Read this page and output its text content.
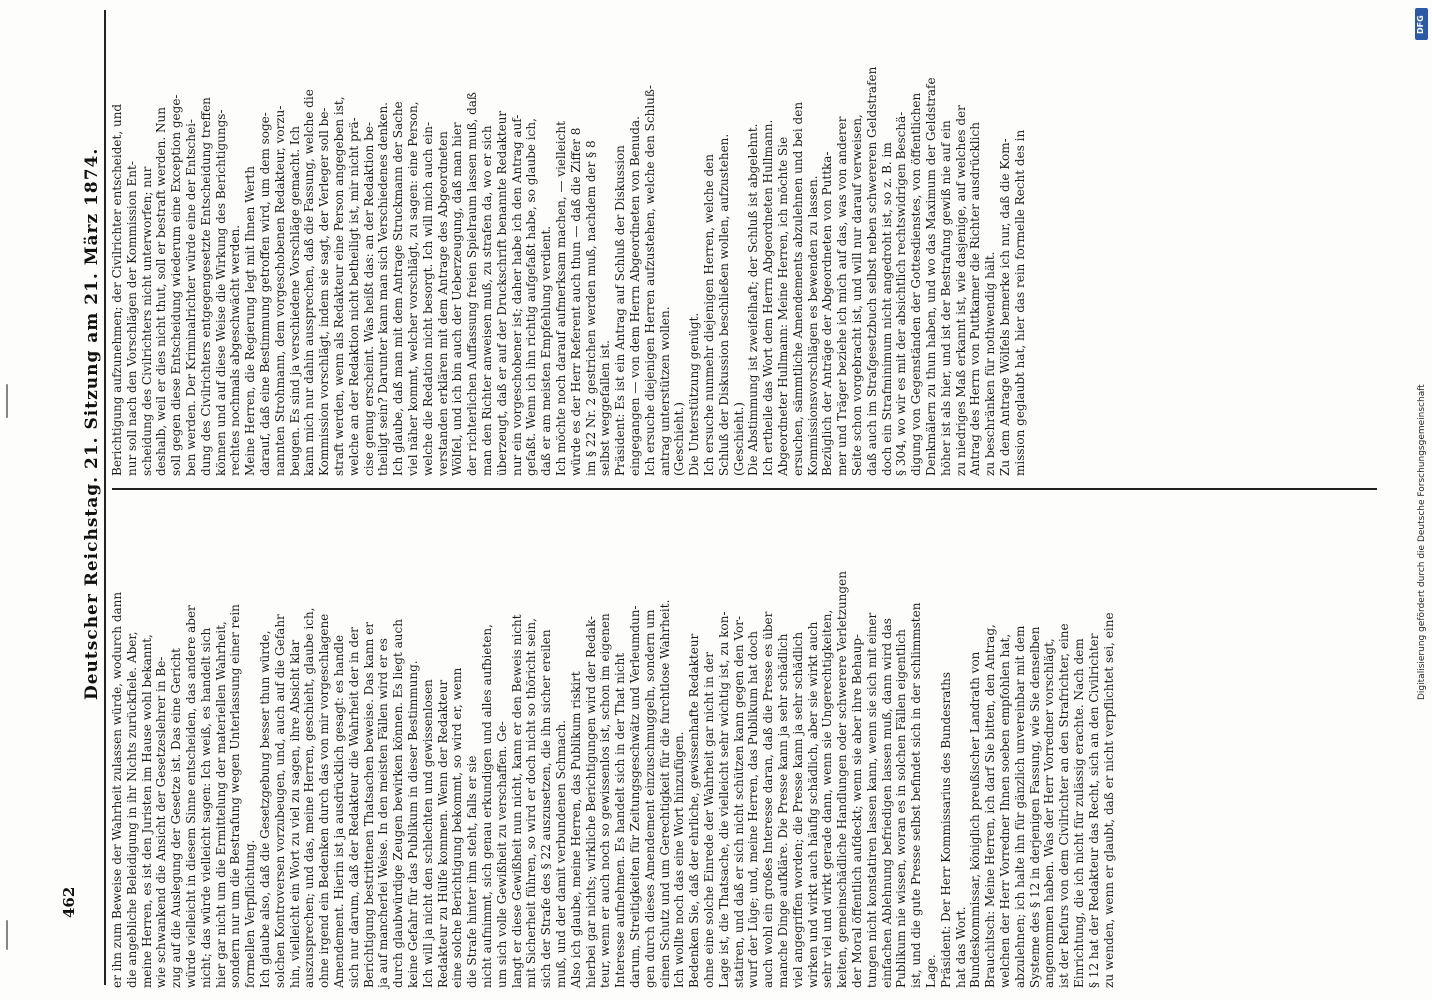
462
Deutscher Reichstag. 21. Sitzung am 21. März 1874.
er ihn zum Beweise der Wahrheit zulassen würde, wodurch dann die angebliche Beleidigung in ihr Nichts zurückfiele. Aber, meine Herren, es ist den Juristen im Hause wohl bekannt, wie schwankend die Ansicht der Gesetzeslehrer in Be- zug auf die Auslegung der Gesetze ist. Das eine Gericht würde vielleicht in diesem Sinne entscheiden, das andere aber nicht; das würde vielleicht sagen: Ich weiß, es handelt sich hier gar nicht um die Ermittelung der materiellen Wahrheit, sondern nur um die Bestrafung wegen Unterlassung einer rein formellen Verpflichtung. Ich glaube also, daß die Gesetzgebung besser thun würde, solchen Kontroversen vorzubeugen, und, auch auf die Gefahr hin, vielleicht ein Wort zu viel zu sagen, ihre Absicht klar auszusprechen; und das, meine Herren, geschieht, glaube ich, ohne irgend ein Bedenken durch das von mir vorgeschlagene Amendement. Hierin ist ja ausdrücklich gesagt: es handle sich nur darum, daß der Redakteur die Wahrheit der in der Berichtigung bestrittenen Thatsachen beweise. Das kann er ja auf mancherlei Weise. In den meisten Fällen wird er es durch glaubwürdige Zeugen bewirken können. Es liegt auch keine Gefahr für das Publikum in dieser Bestimmung. Ich will ja nicht den schlechten und gewissenlosen Redakteur zu Hülfe kommen. Wenn der Redakteur eine solche Berichtigung bekommt, so wird er, wenn die Strafe hinter ihm steht, falls er sie nicht aufnimmt, sich genau erkundigen und alles aufbieten, um sich volle Gewißheit zu verschaffen. Ge- langt er diese Gewißheit nun nicht, kann er den Beweis nicht mit Sicherheit führen, so wird er doch nicht so thöricht sein, sich der Strafe des § 22 auszusetzen, die ihn sicher ereilen muß, und der damit verbundenen Schmach. Also ich glaube, meine Herren, das Publikum riskirt hierbei gar nichts; wirkliche Berichtigungen wird der Redak- teur, wenn er auch noch so gewissenlos ist, schon im eigenen Interesse aufnehmen. Es handelt sich in der That nicht darum, Streitigkeiten für Zeitungsgeschwätz und Verleumdun- gen durch dieses Amendement einzuschmuggeln, sondern um einen Schutz und um Gerechtigkeit für die furchtlose Wahrheit. Ich wollte noch das eine Wort hinzufügen. Bedenken Sie, daß der ehrliche, gewissenhafte Redakteur ohne eine solche Einrede der Wahrheit gar nicht in der Lage ist, die Thatsache, die vielleicht sehr wichtig ist, zu kon- statiren, und daß er sich nicht schützen kann gegen den Vor- wurf der Lüge; und, meine Herren, das Publikum hat doch auch wohl ein großes Interesse daran, daß die Presse es über manche Dinge aufkläre. Die Presse kann ja sehr schädlich viel angegriffen worden; die Presse kann ja sehr schädlich wirken und wirkt auch häufig schädlich, aber sie wirkt auch sehr viel und wirkt gerade dann, wenn sie Ungerechtigkeiten, keiten, gemeinschädliche Handlungen oder schwerere Verletzungen der Moral öffentlich aufdeckt; wenn sie aber ihre Behaup- tungen nicht konstatiren lassen kann, wenn sie sich mit einer einfachen Ablehnung befriedigen lassen muß, dann wird das Publikum nie wissen, woran es in solchen Fällen eigentlich ist, und die gute Presse selbst befindet sich in der schlimmsten Lage. Präsident: Der Herr Kommissarius des Bundesraths hat das Wort. Bundeskommissar, königlich preußischer Landrath von Brauchitsch: Meine Herren, ich darf Sie bitten, den Antrag, welchen der Herr Vorredner Ihnen soeben empfohlen hat, abzulehnen; ich halte ihn für gänzlich unvereinbar mit dem Systeme des § 12 in derjenigen Fassung, wie Sie denselben angenommen haben. Was der Herr Vorredner vorschlägt, ist der Refurs von dem Civilrichter an den Strafrichter, eine Einrichtung, die ich nicht für zulässig erachte. Nach dem § 12 hat der Redakteur das Recht, sich an den Civilrichter zu wenden, wenn er glaubt, daß er nicht verpflichtet sei, eine
Berichtigung aufzunehmen; der Civilrichter entscheidet, und nur soll nach den Vorschlägen der Kommission Ent- scheidung des Civilrichters nicht unterworfen; nur deshalb, weil er dies nicht thut, soll er bestraft werden. Nun soll gegen diese Entscheidung wiederum eine Exception gege- ben werden. Der Kriminalrichter würde eine der Entschei- dung des Civilrichters entgegengesetzte Entscheidung treffen können und auf diese Weise die Wirkung des Berichtigungs- rechtes nochmals abgeschwächt werden. Meine Herren, die Regierung legt mit Ihnen Werth darauf, daß eine Bestimmung getroffen wird, um dem soge- nannten Strohmann, dem vorgeschobenen Redakteur, vorzu- beugen. Es sind ja verschiedene Vorschläge gemacht. Ich kann mich nur dahin aussprechen, daß die Fassung, welche die Kommission vorschlägt, indem sie sagt, der Verleger soll be- straft werden, wenn als Redakteur eine Person angegeben ist, welche an der Redaktion nicht betheiligt ist, mir nicht prä- cise genug erscheint. Was heißt das: an der Redaktion be- theiligt sein? Darunter kann man sich Verschiedenes denken. Ich glaube, daß man mit dem Antrage Struckmann der Sache viel näher kommt, welcher vorschlägt, zu sagen: eine Person, welche die Redation nicht besorgt. Ich will mich auch ein- verstanden erklären mit dem Antrage des Abgeordneten Wölfel, und ich bin auch der Ueberzeugung, daß man hier der richterlichen Auffassung freien Spielraum lassen muß, daß man den Richter anweisen muß, zu strafen da, wo er sich überzeugt, daß er auf der Druckschrift benannte Redakteur nur ein vorgeschobener ist; daher habe ich den Antrag auf- gefaßt. Wenn ich ihn richtig aufgefaßt habe, so glaube ich, daß er am meisten Empfehlung verdient. Ich möchte noch darauf aufmerksam machen, — vielleicht würde es der Herr Referent auch thun — daß die Ziffer 8 im § 22 Nr. 2 gestrichen werden muß, nachdem der § 8 selbst weggefallen ist. Präsident: Es ist ein Antrag auf Schluß der Diskussion eingegangen — von dem Herrn Abgeordneten von Benuda. Ich ersuche diejenigen Herren aufzustehen, welche den Schluß- antrag unterstützen wollen. (Geschieht.) Die Unterstützung genügt. Ich ersuche nunmehr diejenigen Herren, welche den Schluß der Diskussion beschließen wollen, aufzustehen. (Geschieht.) Die Abstimmung ist zweifelhaft; der Schluß ist abgelehnt. Ich ertheile das Wort dem Herrn Abgeordneten Hullmann. Abgeordneter Hullmann: Meine Herren, ich möchte Sie ersuchen, sämmtliche Amendements abzulehnen und bei den Kommissionsvorschlägen es bewenden zu lassen. Bezüglich der Anträge der Abgeordneten von Puttka- mer und Träger beziehe ich mich auf das, was von anderer Seite schon vorgebracht ist, und will nur darauf verweisen, daß auch im Strafgesetzbuch selbst neben schwereren Geldstrafen doch ein Strafminimum nicht angedroht ist, so z. B. im § 304, wo wir es mit der absichtlich rechtswidrigen Beschä- digung von Gegenständen der Gottesdienstes, von öffentlichen Denkmälern zu thun haben, und wo das Maximum der Geldstrafe höher ist als hier, und ist der Bestrafung gewiß nie auf ein zu niedriges Maß erkannt ist, wie dasjenige, auf welches der Antrag des Herrn von Puttkamer die Richter ausdrücklich zu beschränken für nothwendig hält. Zu dem Antrage Wölfels bemerke ich nur, daß die Kom- mission geglaubt hat, hier das rein formelle Recht des in
Digitalisierung gefördert durch die Deutsche Forschungsgemeinschaft
DFG
